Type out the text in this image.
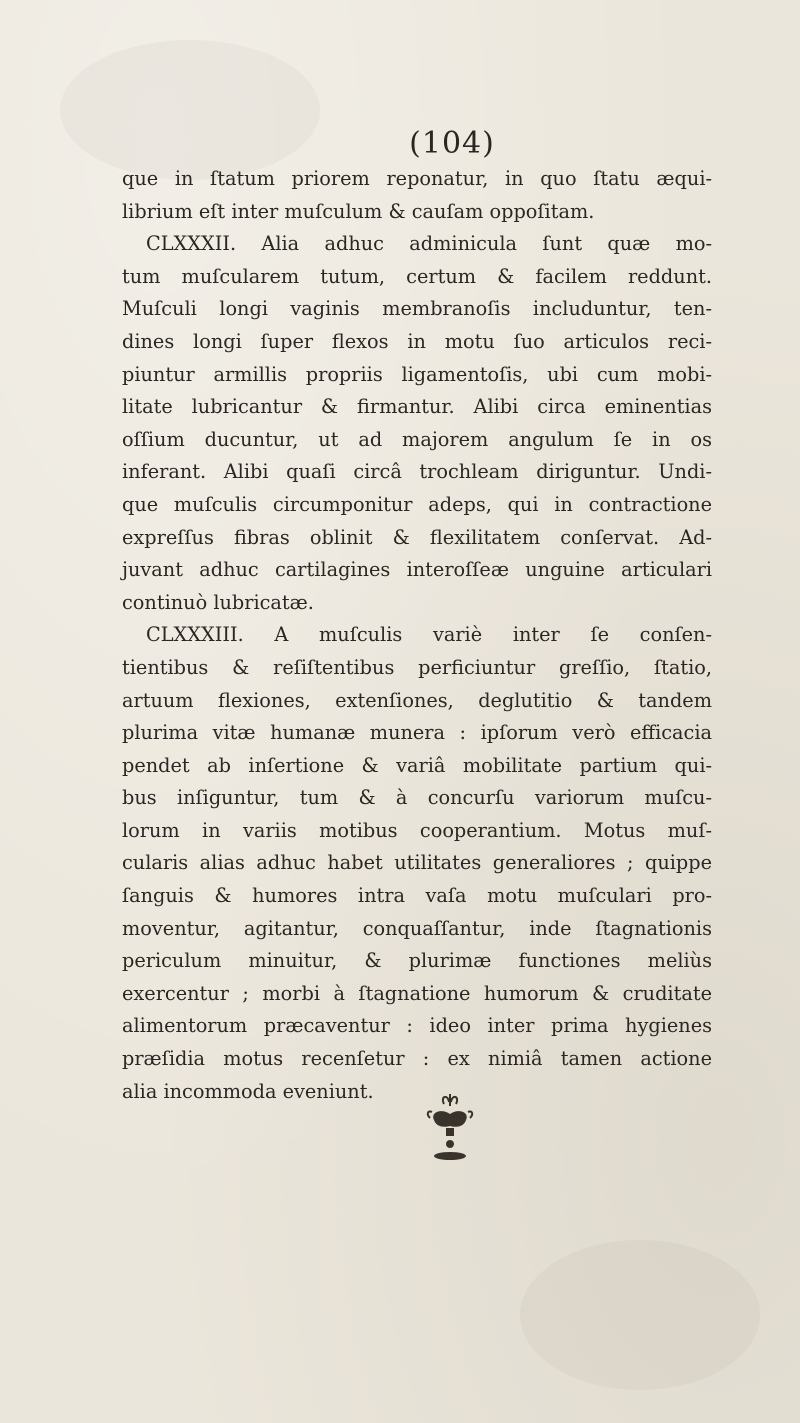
(104)
que in ſtatum priorem reponatur, in quo ſtatu æqui-
librium eſt inter muſculum & cauſam oppoſitam.
CLXXXII. Alia adhuc adminicula ſunt quæ mo-
tum muſcularem tutum, certum & facilem reddunt.
Muſculi longi vaginis membranoſis includuntur, ten-
dines longi ſuper flexos in motu ſuo articulos reci-
piuntur armillis propriis ligamentoſis, ubi cum mobi-
litate lubricantur & firmantur. Alibi circa eminentias
oſſium ducuntur, ut ad majorem angulum ſe in os
inferant. Alibi quaſi circâ trochleam diriguntur. Undi-
que muſculis circumponitur adeps, qui in contractione
expreſſus fibras oblinit & flexilitatem conſervat. Ad-
juvant adhuc cartilagines interoſſeæ unguine articulari
continuò lubricatæ.
CLXXXIII. A muſculis variè inter ſe conſen-
tientibus & reſiſtentibus perficiuntur greſſio, ſtatio,
artuum flexiones, extenſiones, deglutitio & tandem
plurima vitæ humanæ munera : ipſorum verò efficacia
pendet ab inſertione & variâ mobilitate partium qui-
bus inſiguntur, tum & à concurſu variorum muſcu-
lorum in variis motibus cooperantium. Motus muſ-
cularis alias adhuc habet utilitates generaliores ; quippe
ſanguis & humores intra vaſa motu muſculari pro-
moventur, agitantur, conquaſſantur, inde ſtagnationis
periculum minuitur, & plurimæ functiones meliùs
exercentur ; morbi à ſtagnatione humorum & cruditate
alimentorum præcaventur : ideo inter prima hygienes
præſidia motus recenſetur : ex nimiâ tamen actione
alia incommoda eveniunt.
